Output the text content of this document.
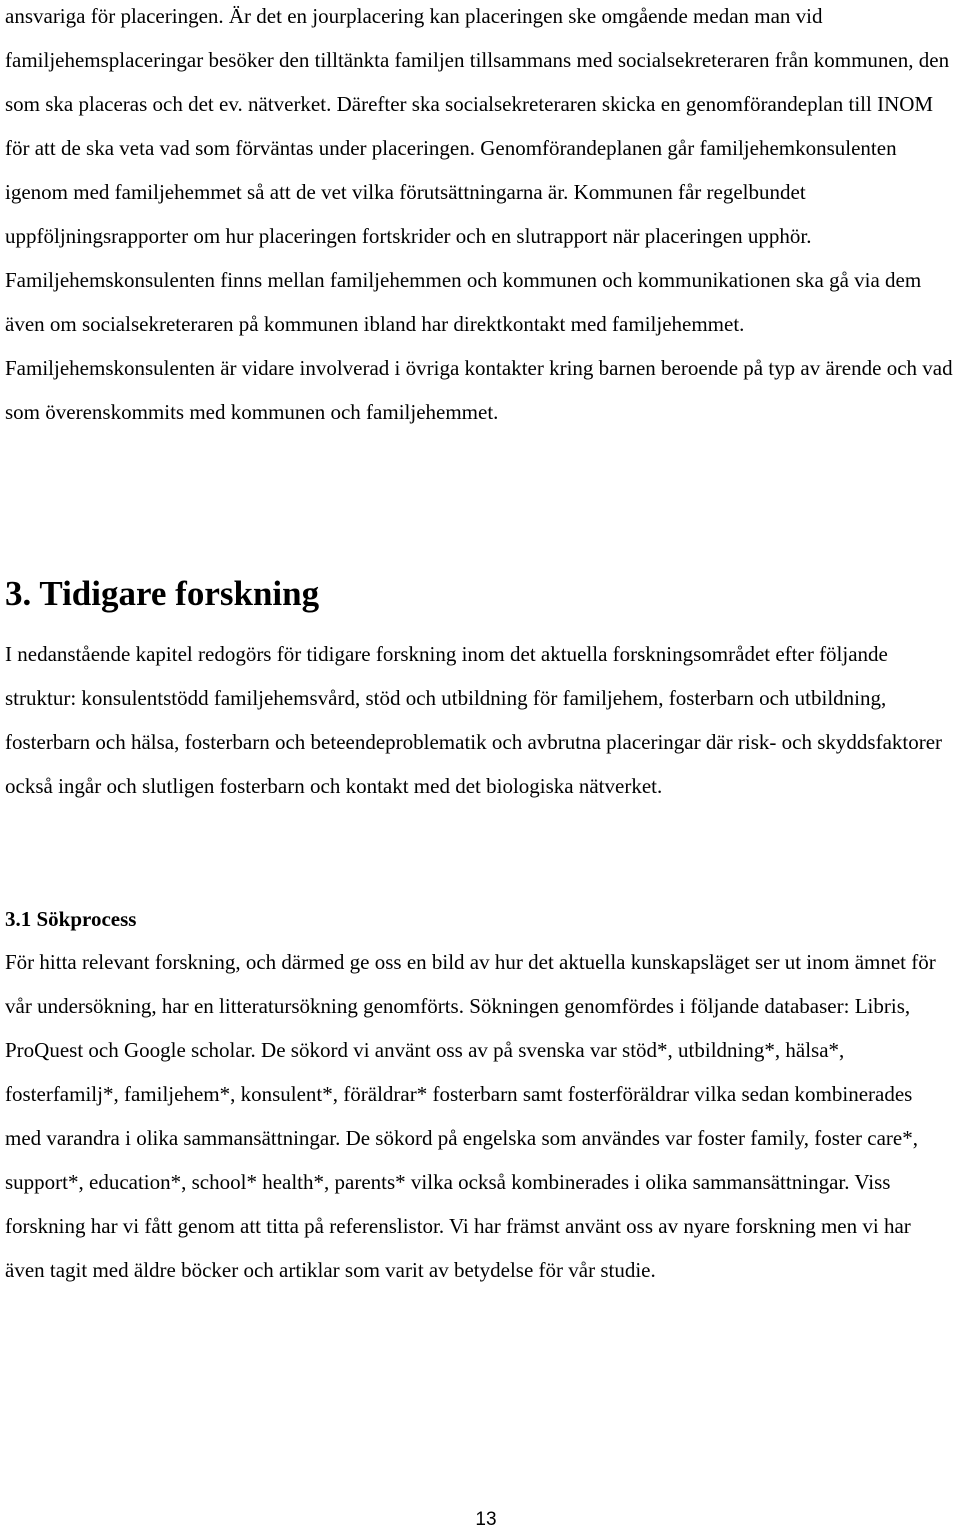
ansvariga för placeringen. Är det en jourplacering kan placeringen ske omgående medan man vid familjehemsplaceringar besöker den tilltänkta familjen tillsammans med socialsekreteraren från kommunen, den som ska placeras och det ev. nätverket. Därefter ska socialsekreteraren skicka en genomförandeplan till INOM för att de ska veta vad som förväntas under placeringen. Genomförandeplanen går familjehemkonsulenten igenom med familjehemmet så att de vet vilka förutsättningarna är. Kommunen får regelbundet uppföljningsrapporter om hur placeringen fortskrider och en slutrapport när placeringen upphör. Familjehemskonsulenten finns mellan familjehemmen och kommunen och kommunikationen ska gå via dem även om socialsekreteraren på kommunen ibland har direktkontakt med familjehemmet. Familjehemskonsulenten är vidare involverad i övriga kontakter kring barnen beroende på typ av ärende och vad som överenskommits med kommunen och familjehemmet.

3. Tidigare forskning

I nedanstående kapitel redogörs för tidigare forskning inom det aktuella forskningsområdet efter följande struktur: konsulentstödd familjehemsvård, stöd och utbildning för familjehem, fosterbarn och utbildning, fosterbarn och hälsa, fosterbarn och beteendeproblematik och avbrutna placeringar där risk- och skyddsfaktorer också ingår och slutligen fosterbarn och kontakt med det biologiska nätverket.

3.1 Sökprocess

För hitta relevant forskning, och därmed ge oss en bild av hur det aktuella kunskapsläget ser ut inom ämnet för vår undersökning, har en litteratursökning genomförts. Sökningen genomfördes i följande databaser: Libris, ProQuest och Google scholar. De sökord vi använt oss av på svenska var stöd*, utbildning*, hälsa*, fosterfamilj*, familjehem*, konsulent*, föräldrar* fosterbarn samt fosterföräldrar vilka sedan kombinerades med varandra i olika sammansättningar. De sökord på engelska som användes var foster family, foster care*, support*, education*, school* health*, parents* vilka också kombinerades i olika sammansättningar. Viss forskning har vi fått genom att titta på referenslistor. Vi har främst använt oss av nyare forskning men vi har även tagit med äldre böcker och artiklar som varit av betydelse för vår studie.

13
